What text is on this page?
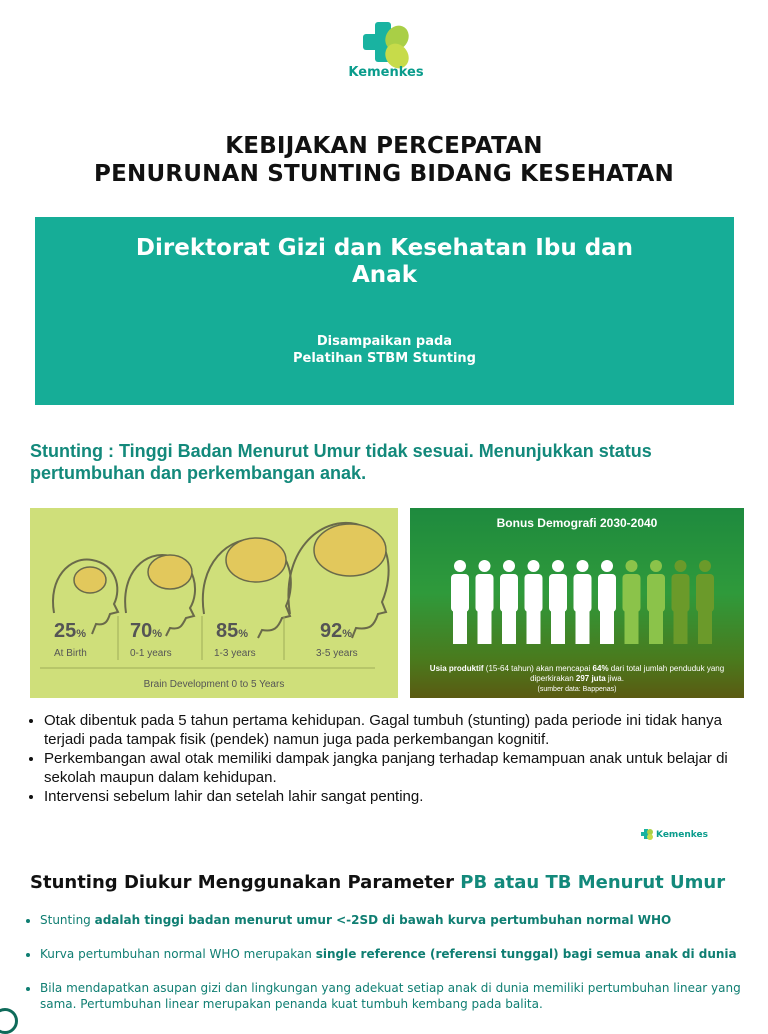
Kemenkes
KEBIJAKAN PERCEPATAN
PENURUNAN STUNTING BIDANG KESEHATAN
Direktorat Gizi dan Kesehatan Ibu dan Anak
Disampaikan pada
Pelatihan STBM Stunting
Stunting : Tinggi Badan Menurut Umur tidak sesuai. Menunjukkan status pertumbuhan dan perkembangan anak.
25%
At Birth
70%
0-1 years
85%
1-3 years
92%
3-5 years
Brain Development 0 to 5 Years
Bonus Demografi 2030-2040
Usia produktif (15-64 tahun) akan mencapai 64% dari total jumlah penduduk yang diperkirakan 297 juta jiwa.
(sumber data: Bappenas)
• Otak dibentuk pada 5 tahun pertama kehidupan. Gagal tumbuh (stunting) pada periode ini tidak hanya terjadi pada tampak fisik (pendek) namun juga pada perkembangan kognitif.
• Perkembangan awal otak memiliki dampak jangka panjang terhadap kemampuan anak untuk belajar di sekolah maupun dalam kehidupan.
• Intervensi sebelum lahir dan setelah lahir sangat penting.
Kemenkes
Stunting Diukur Menggunakan Parameter PB atau TB Menurut Umur
• Stunting adalah tinggi badan menurut umur <-2SD di bawah kurva pertumbuhan normal WHO
• Kurva pertumbuhan normal WHO merupakan single reference (referensi tunggal) bagi semua anak di dunia
• Bila mendapatkan asupan gizi dan lingkungan yang adekuat setiap anak di dunia memiliki pertumbuhan linear yang sama. Pertumbuhan linear merupakan penanda kuat tumbuh kembang pada balita.
